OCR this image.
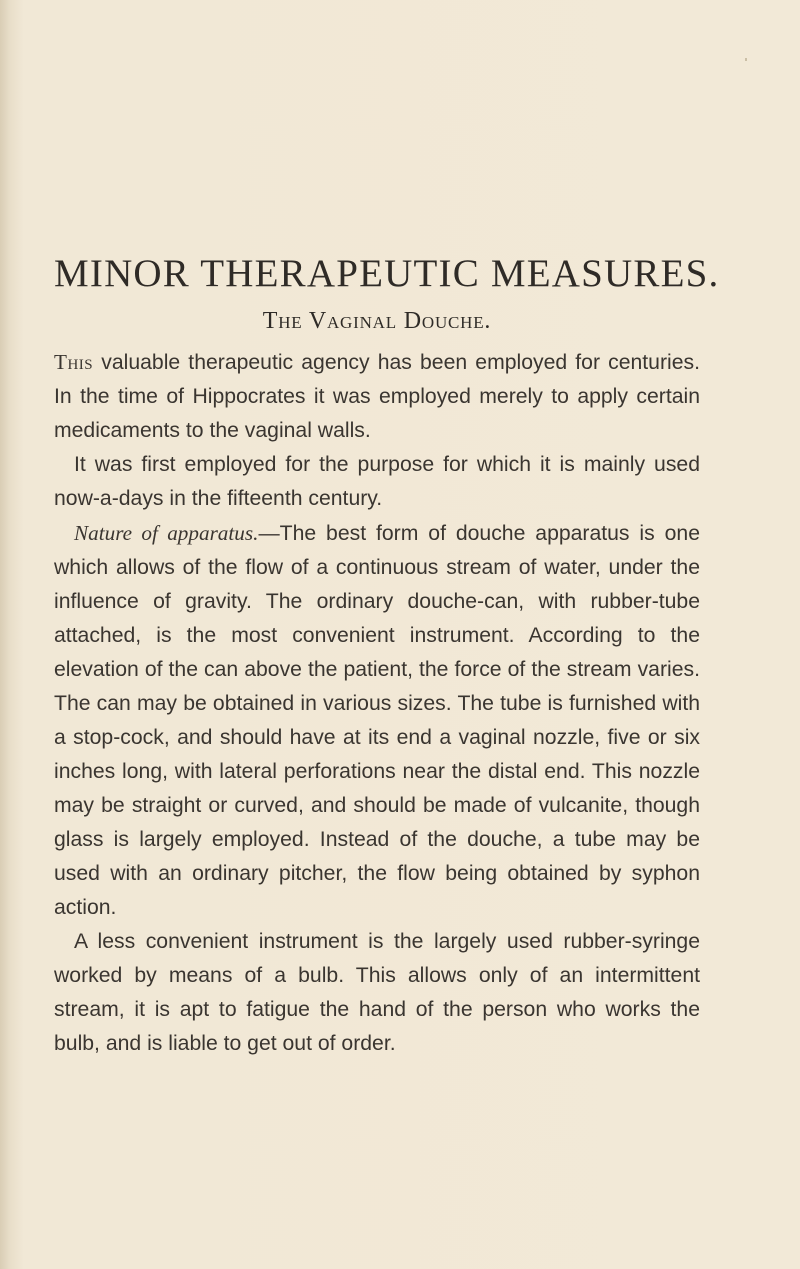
MINOR THERAPEUTIC MEASURES.
The Vaginal Douche.

This valuable therapeutic agency has been employed for centuries. In the time of Hippocrates it was employed merely to apply certain medicaments to the vaginal walls.

It was first employed for the purpose for which it is mainly used now-a-days in the fifteenth century.

Nature of apparatus.—The best form of douche apparatus is one which allows of the flow of a continuous stream of water, under the influence of gravity. The ordinary douche-can, with rubber-tube attached, is the most convenient instrument. According to the elevation of the can above the patient, the force of the stream varies. The can may be obtained in various sizes. The tube is furnished with a stop-cock, and should have at its end a vaginal nozzle, five or six inches long, with lateral perforations near the distal end. This nozzle may be straight or curved, and should be made of vulcanite, though glass is largely employed. Instead of the douche, a tube may be used with an ordinary pitcher, the flow being obtained by syphon action.

A less convenient instrument is the largely used rubber-syringe worked by means of a bulb. This allows only of an intermittent stream, it is apt to fatigue the hand of the person who works the bulb, and is liable to get out of order.
